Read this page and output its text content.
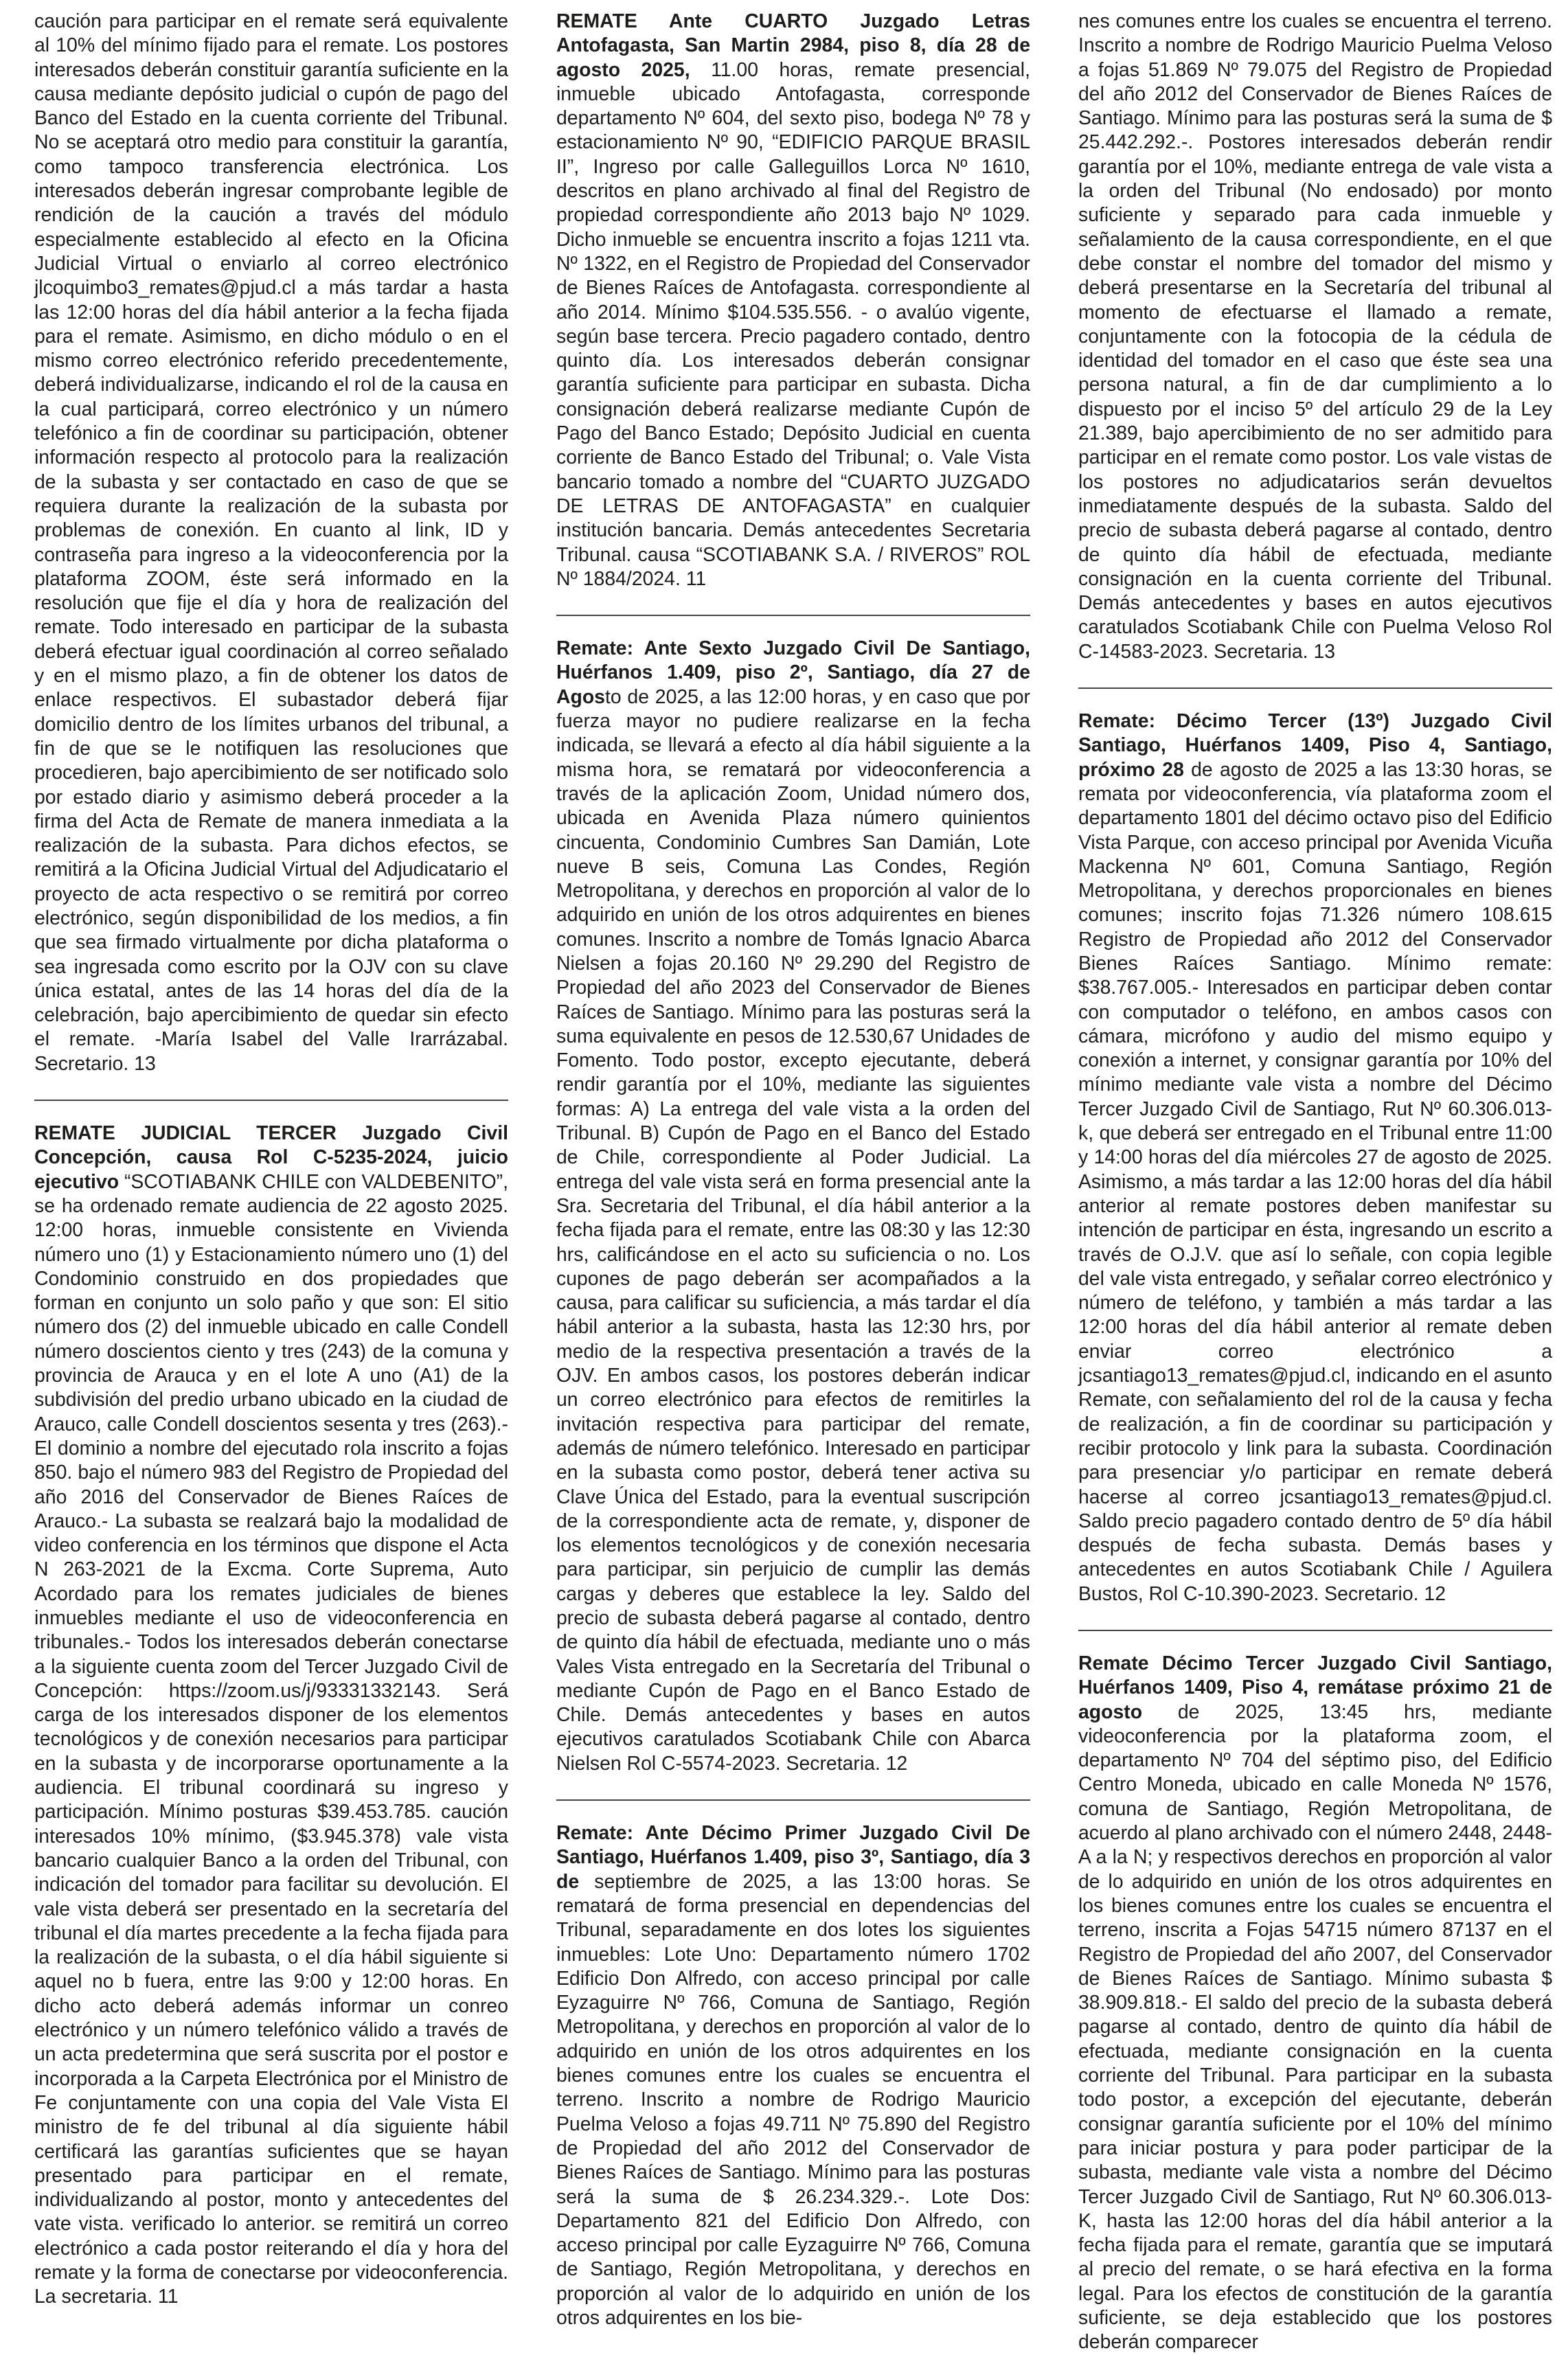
caución para participar en el remate será equivalente al 10% del mínimo fijado para el remate. Los postores interesados deberán constituir garantía suficiente en la causa mediante depósito judicial o cupón de pago del Banco del Estado en la cuenta corriente del Tribunal. No se aceptará otro medio para constituir la garantía, como tampoco transferencia electrónica. Los interesados deberán ingresar comprobante legible de rendición de la caución a través del módulo especialmente establecido al efecto en la Oficina Judicial Virtual o enviarlo al correo electrónico jlcoquimbo3_remates@pjud.cl a más tardar a hasta las 12:00 horas del día hábil anterior a la fecha fijada para el remate. Asimismo, en dicho módulo o en el mismo correo electrónico referido precedentemente, deberá individualizarse, indicando el rol de la causa en la cual participará, correo electrónico y un número telefónico a fin de coordinar su participación, obtener información respecto al protocolo para la realización de la subasta y ser contactado en caso de que se requiera durante la realización de la subasta por problemas de conexión. En cuanto al link, ID y contraseña para ingreso a la videoconferencia por la plataforma ZOOM, éste será informado en la resolución que fije el día y hora de realización del remate. Todo interesado en participar de la subasta deberá efectuar igual coordinación al correo señalado y en el mismo plazo, a fin de obtener los datos de enlace respectivos. El subastador deberá fijar domicilio dentro de los límites urbanos del tribunal, a fin de que se le notifiquen las resoluciones que procedieren, bajo apercibimiento de ser notificado solo por estado diario y asimismo deberá proceder a la firma del Acta de Remate de manera inmediata a la realización de la subasta. Para dichos efectos, se remitirá a la Oficina Judicial Virtual del Adjudicatario el proyecto de acta respectivo o se remitirá por correo electrónico, según disponibilidad de los medios, a fin que sea firmado virtualmente por dicha plataforma o sea ingresada como escrito por la OJV con su clave única estatal, antes de las 14 horas del día de la celebración, bajo apercibimiento de quedar sin efecto el remate. -María Isabel del Valle Irarrázabal. Secretario. 13

REMATE JUDICIAL TERCER Juzgado Civil Concepción, causa Rol C-5235-2024, juicio ejecutivo “SCOTIABANK CHILE con VALDEBENITO”, se ha ordenado remate audiencia de 22 agosto 2025. 12:00 horas, inmueble consistente en Vivienda número uno (1) y Estacionamiento número uno (1) del Condominio construido en dos propiedades que forman en conjunto un solo paño y que son: El sitio número dos (2) del inmueble ubicado en calle Condell número doscientos ciento y tres (243) de la comuna y provincia de Arauca y en el lote A uno (A1) de la subdivisión del predio urbano ubicado en la ciudad de Arauco, calle Condell doscientos sesenta y tres (263).- El dominio a nombre del ejecutado rola inscrito a fojas 850. bajo el número 983 del Registro de Propiedad del año 2016 del Conservador de Bienes Raíces de Arauco.- La subasta se realzará bajo la modalidad de video conferencia en los términos que dispone el Acta N 263-2021 de la Excma. Corte Suprema, Auto Acordado para los remates judiciales de bienes inmuebles mediante el uso de videoconferencia en tribunales.- Todos los interesados deberán conectarse a la siguiente cuenta zoom del Tercer Juzgado Civil de Concepción: https://zoom.us/j/93331332143. Será carga de los interesados disponer de los elementos tecnológicos y de conexión necesarios para participar en la subasta y de incorporarse oportunamente a la audiencia. El tribunal coordinará su ingreso y participación. Mínimo posturas $39.453.785. caución interesados 10% mínimo, ($3.945.378) vale vista bancario cualquier Banco a la orden del Tribunal, con indicación del tomador para facilitar su devolución. El vale vista deberá ser presentado en la secretaría del tribunal el día martes precedente a la fecha fijada para la realización de la subasta, o el día hábil siguiente si aquel no b fuera, entre las 9:00 y 12:00 horas. En dicho acto deberá además informar un conreo electrónico y un número telefónico válido a través de un acta predetermina que será suscrita por el postor e incorporada a la Carpeta Electrónica por el Ministro de Fe conjuntamente con una copia del Vale Vista El ministro de fe del tribunal al día siguiente hábil certificará las garantías suficientes que se hayan presentado para participar en el remate, individualizando al postor, monto y antecedentes del vate vista. verificado lo anterior. se remitirá un correo electrónico a cada postor reiterando el día y hora del remate y la forma de conectarse por videoconferencia. La secretaria. 11

REMATE Ante CUARTO Juzgado Letras Antofagasta, San Martin 2984, piso 8, día 28 de agosto 2025, 11.00 horas, remate presencial, inmueble ubicado Antofagasta, corresponde departamento Nº 604, del sexto piso, bodega Nº 78 y estacionamiento Nº 90, “EDIFICIO PARQUE BRASIL II”, Ingreso por calle Galleguillos Lorca Nº 1610, descritos en plano archivado al final del Registro de propiedad correspondiente año 2013 bajo Nº 1029. Dicho inmueble se encuentra inscrito a fojas 1211 vta. Nº 1322, en el Registro de Propiedad del Conservador de Bienes Raíces de Antofagasta. correspondiente al año 2014. Mínimo $104.535.556. - o avalúo vigente, según base tercera. Precio pagadero contado, dentro quinto día. Los interesados deberán consignar garantía suficiente para participar en subasta. Dicha consignación deberá realizarse mediante Cupón de Pago del Banco Estado; Depósito Judicial en cuenta corriente de Banco Estado del Tribunal; o. Vale Vista bancario tomado a nombre del “CUARTO JUZGADO DE LETRAS DE ANTOFAGASTA” en cualquier institución bancaria. Demás antecedentes Secretaria Tribunal. causa “SCOTIABANK S.A. / RIVEROS” ROL Nº 1884/2024. 11

Remate: Ante Sexto Juzgado Civil De Santiago, Huérfanos 1.409, piso 2º, Santiago, día 27 de Agosto de 2025, a las 12:00 horas, y en caso que por fuerza mayor no pudiere realizarse en la fecha indicada, se llevará a efecto al día hábil siguiente a la misma hora, se rematará por videoconferencia a través de la aplicación Zoom, Unidad número dos, ubicada en Avenida Plaza número quinientos cincuenta, Condominio Cumbres San Damián, Lote nueve B seis, Comuna Las Condes, Región Metropolitana, y derechos en proporción al valor de lo adquirido en unión de los otros adquirentes en bienes comunes. Inscrito a nombre de Tomás Ignacio Abarca Nielsen a fojas 20.160 Nº 29.290 del Registro de Propiedad del año 2023 del Conservador de Bienes Raíces de Santiago. Mínimo para las posturas será la suma equivalente en pesos de 12.530,67 Unidades de Fomento. Todo postor, excepto ejecutante, deberá rendir garantía por el 10%, mediante las siguientes formas: A) La entrega del vale vista a la orden del Tribunal. B) Cupón de Pago en el Banco del Estado de Chile, correspondiente al Poder Judicial. La entrega del vale vista será en forma presencial ante la Sra. Secretaria del Tribunal, el día hábil anterior a la fecha fijada para el remate, entre las 08:30 y las 12:30 hrs, calificándose en el acto su suficiencia o no. Los cupones de pago deberán ser acompañados a la causa, para calificar su suficiencia, a más tardar el día hábil anterior a la subasta, hasta las 12:30 hrs, por medio de la respectiva presentación a través de la OJV. En ambos casos, los postores deberán indicar un correo electrónico para efectos de remitirles la invitación respectiva para participar del remate, además de número telefónico. Interesado en participar en la subasta como postor, deberá tener activa su Clave Única del Estado, para la eventual suscripción de la correspondiente acta de remate, y, disponer de los elementos tecnológicos y de conexión necesaria para participar, sin perjuicio de cumplir las demás cargas y deberes que establece la ley. Saldo del precio de subasta deberá pagarse al contado, dentro de quinto día hábil de efectuada, mediante uno o más Vales Vista entregado en la Secretaría del Tribunal o mediante Cupón de Pago en el Banco Estado de Chile. Demás antecedentes y bases en autos ejecutivos caratulados Scotiabank Chile con Abarca Nielsen Rol C-5574-2023. Secretaria. 12

Remate: Ante Décimo Primer Juzgado Civil De Santiago, Huérfanos 1.409, piso 3º, Santiago, día 3 de septiembre de 2025, a las 13:00 horas. Se rematará de forma presencial en dependencias del Tribunal, separadamente en dos lotes los siguientes inmuebles: Lote Uno: Departamento número 1702 Edificio Don Alfredo, con acceso principal por calle Eyzaguirre Nº 766, Comuna de Santiago, Región Metropolitana, y derechos en proporción al valor de lo adquirido en unión de los otros adquirentes en los bienes comunes entre los cuales se encuentra el terreno. Inscrito a nombre de Rodrigo Mauricio Puelma Veloso a fojas 49.711 Nº 75.890 del Registro de Propiedad del año 2012 del Conservador de Bienes Raíces de Santiago. Mínimo para las posturas será la suma de $ 26.234.329.-. Lote Dos: Departamento 821 del Edificio Don Alfredo, con acceso principal por calle Eyzaguirre Nº 766, Comuna de Santiago, Región Metropolitana, y derechos en proporción al valor de lo adquirido en unión de los otros adquirentes en los bie-

nes comunes entre los cuales se encuentra el terreno. Inscrito a nombre de Rodrigo Mauricio Puelma Veloso a fojas 51.869 Nº 79.075 del Registro de Propiedad del año 2012 del Conservador de Bienes Raíces de Santiago. Mínimo para las posturas será la suma de $ 25.442.292.-. Postores interesados deberán rendir garantía por el 10%, mediante entrega de vale vista a la orden del Tribunal (No endosado) por monto suficiente y separado para cada inmueble y señalamiento de la causa correspondiente, en el que debe constar el nombre del tomador del mismo y deberá presentarse en la Secretaría del tribunal al momento de efectuarse el llamado a remate, conjuntamente con la fotocopia de la cédula de identidad del tomador en el caso que éste sea una persona natural, a fin de dar cumplimiento a lo dispuesto por el inciso 5º del artículo 29 de la Ley 21.389, bajo apercibimiento de no ser admitido para participar en el remate como postor. Los vale vistas de los postores no adjudicatarios serán devueltos inmediatamente después de la subasta. Saldo del precio de subasta deberá pagarse al contado, dentro de quinto día hábil de efectuada, mediante consignación en la cuenta corriente del Tribunal. Demás antecedentes y bases en autos ejecutivos caratulados Scotiabank Chile con Puelma Veloso Rol C-14583-2023. Secretaria. 13

Remate: Décimo Tercer (13º) Juzgado Civil Santiago, Huérfanos 1409, Piso 4, Santiago, próximo 28 de agosto de 2025 a las 13:30 horas, se remata por videoconferencia, vía plataforma zoom el departamento 1801 del décimo octavo piso del Edificio Vista Parque, con acceso principal por Avenida Vicuña Mackenna Nº 601, Comuna Santiago, Región Metropolitana, y derechos proporcionales en bienes comunes; inscrito fojas 71.326 número 108.615 Registro de Propiedad año 2012 del Conservador Bienes Raíces Santiago. Mínimo remate: $38.767.005.- Interesados en participar deben contar con computador o teléfono, en ambos casos con cámara, micrófono y audio del mismo equipo y conexión a internet, y consignar garantía por 10% del mínimo mediante vale vista a nombre del Décimo Tercer Juzgado Civil de Santiago, Rut Nº 60.306.013-k, que deberá ser entregado en el Tribunal entre 11:00 y 14:00 horas del día miércoles 27 de agosto de 2025. Asimismo, a más tardar a las 12:00 horas del día hábil anterior al remate postores deben manifestar su intención de participar en ésta, ingresando un escrito a través de O.J.V. que así lo señale, con copia legible del vale vista entregado, y señalar correo electrónico y número de teléfono, y también a más tardar a las 12:00 horas del día hábil anterior al remate deben enviar correo electrónico a jcsantiago13_remates@pjud.cl, indicando en el asunto Remate, con señalamiento del rol de la causa y fecha de realización, a fin de coordinar su participación y recibir protocolo y link para la subasta. Coordinación para presenciar y/o participar en remate deberá hacerse al correo jcsantiago13_remates@pjud.cl. Saldo precio pagadero contado dentro de 5º día hábil después de fecha subasta. Demás bases y antecedentes en autos Scotiabank Chile / Aguilera Bustos, Rol C-10.390-2023. Secretario. 12

Remate Décimo Tercer Juzgado Civil Santiago, Huérfanos 1409, Piso 4, remátase próximo 21 de agosto de 2025, 13:45 hrs, mediante videoconferencia por la plataforma zoom, el departamento Nº 704 del séptimo piso, del Edificio Centro Moneda, ubicado en calle Moneda Nº 1576, comuna de Santiago, Región Metropolitana, de acuerdo al plano archivado con el número 2448, 2448-A a la N; y respectivos derechos en proporción al valor de lo adquirido en unión de los otros adquirentes en los bienes comunes entre los cuales se encuentra el terreno, inscrita a Fojas 54715 número 87137 en el Registro de Propiedad del año 2007, del Conservador de Bienes Raíces de Santiago. Mínimo subasta $ 38.909.818.- El saldo del precio de la subasta deberá pagarse al contado, dentro de quinto día hábil de efectuada, mediante consignación en la cuenta corriente del Tribunal. Para participar en la subasta todo postor, a excepción del ejecutante, deberán consignar garantía suficiente por el 10% del mínimo para iniciar postura y para poder participar de la subasta, mediante vale vista a nombre del Décimo Tercer Juzgado Civil de Santiago, Rut Nº 60.306.013-K, hasta las 12:00 horas del día hábil anterior a la fecha fijada para el remate, garantía que se imputará al precio del remate, o se hará efectiva en la forma legal. Para los efectos de constitución de la garantía suficiente, se deja establecido que los postores deberán comparecer
